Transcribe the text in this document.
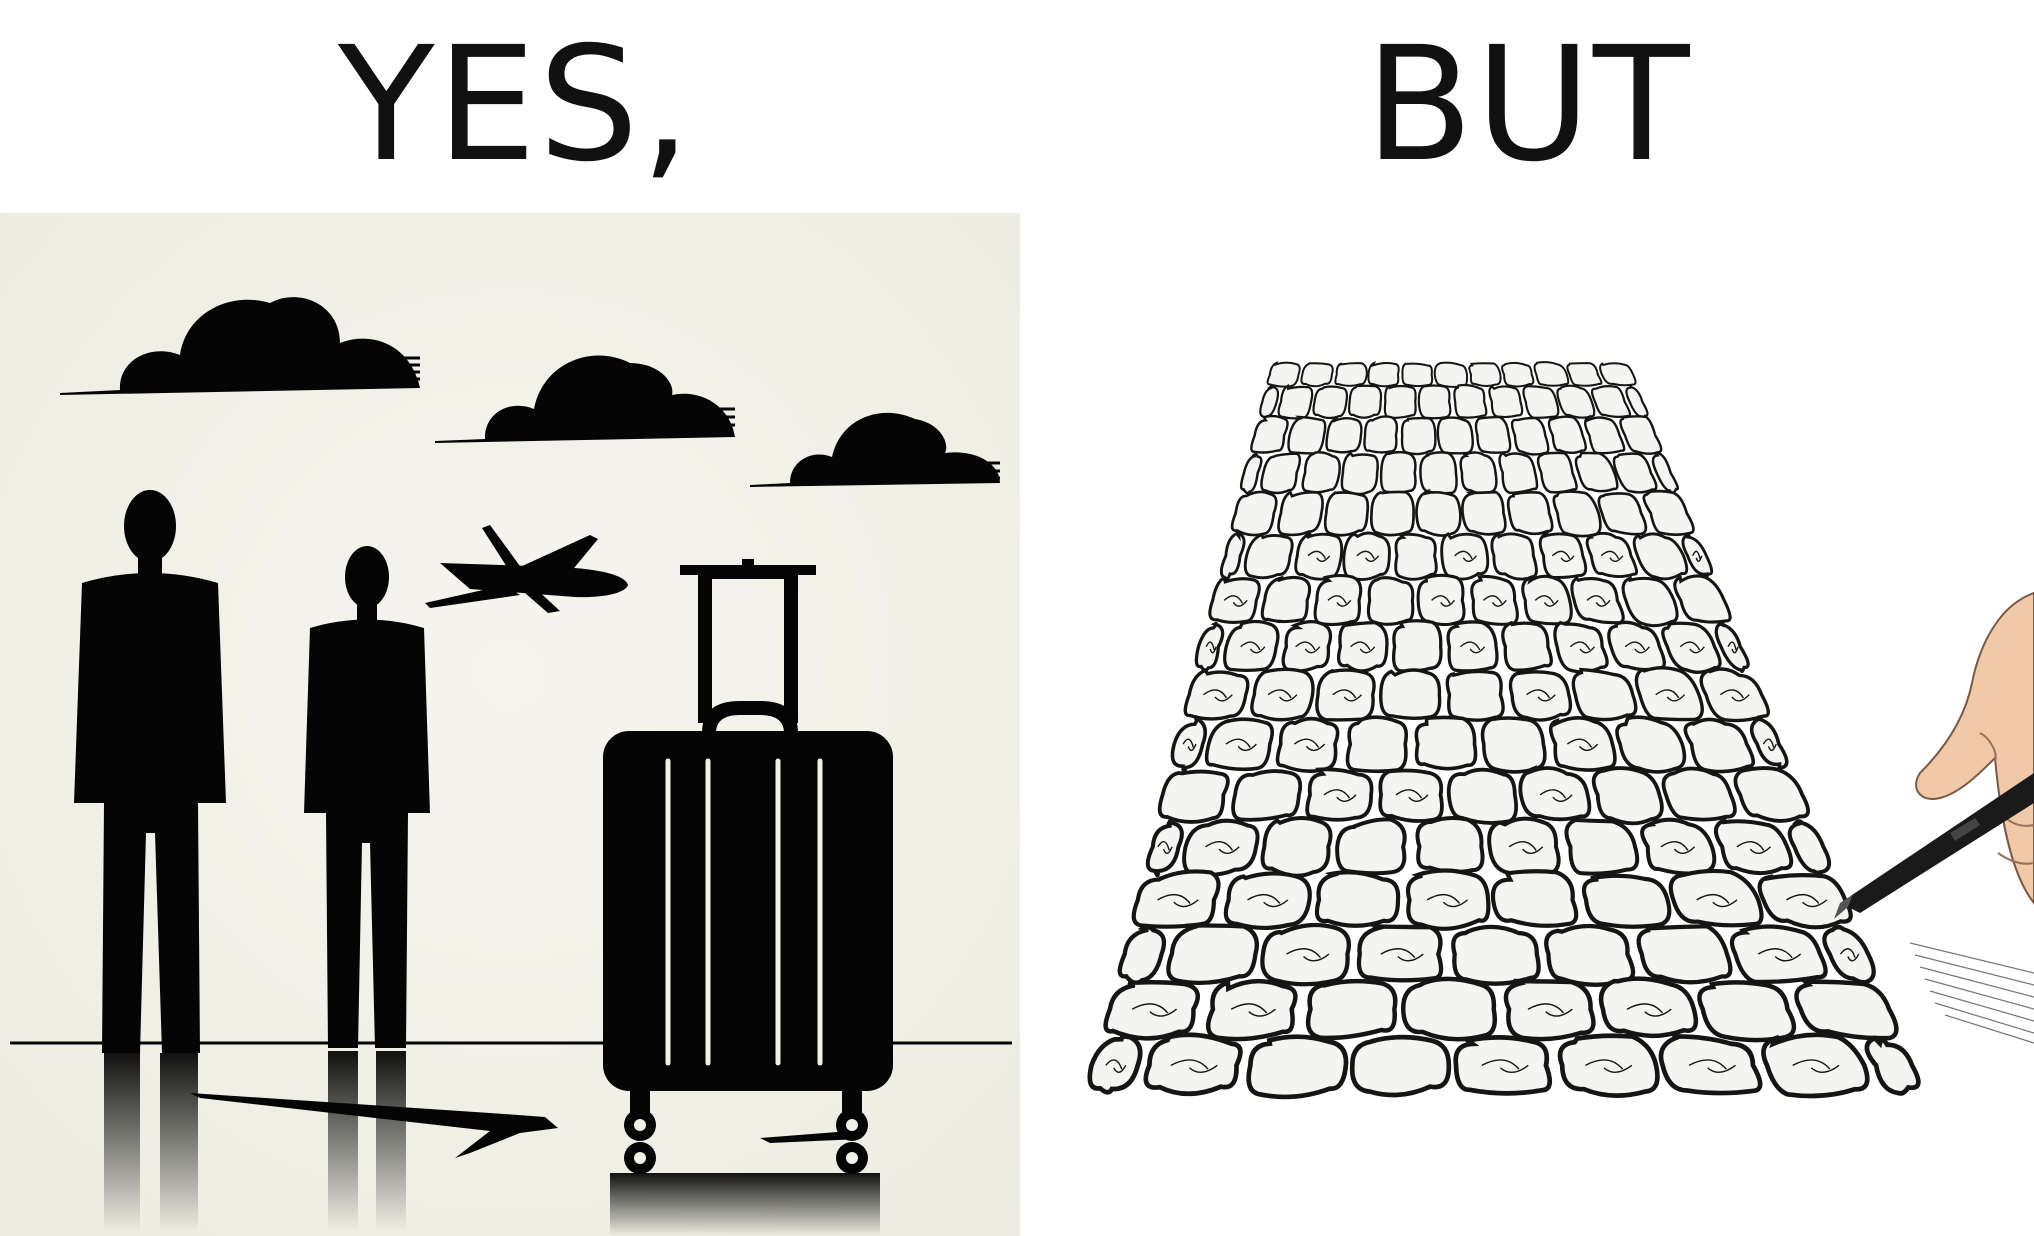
YES,	BUT
